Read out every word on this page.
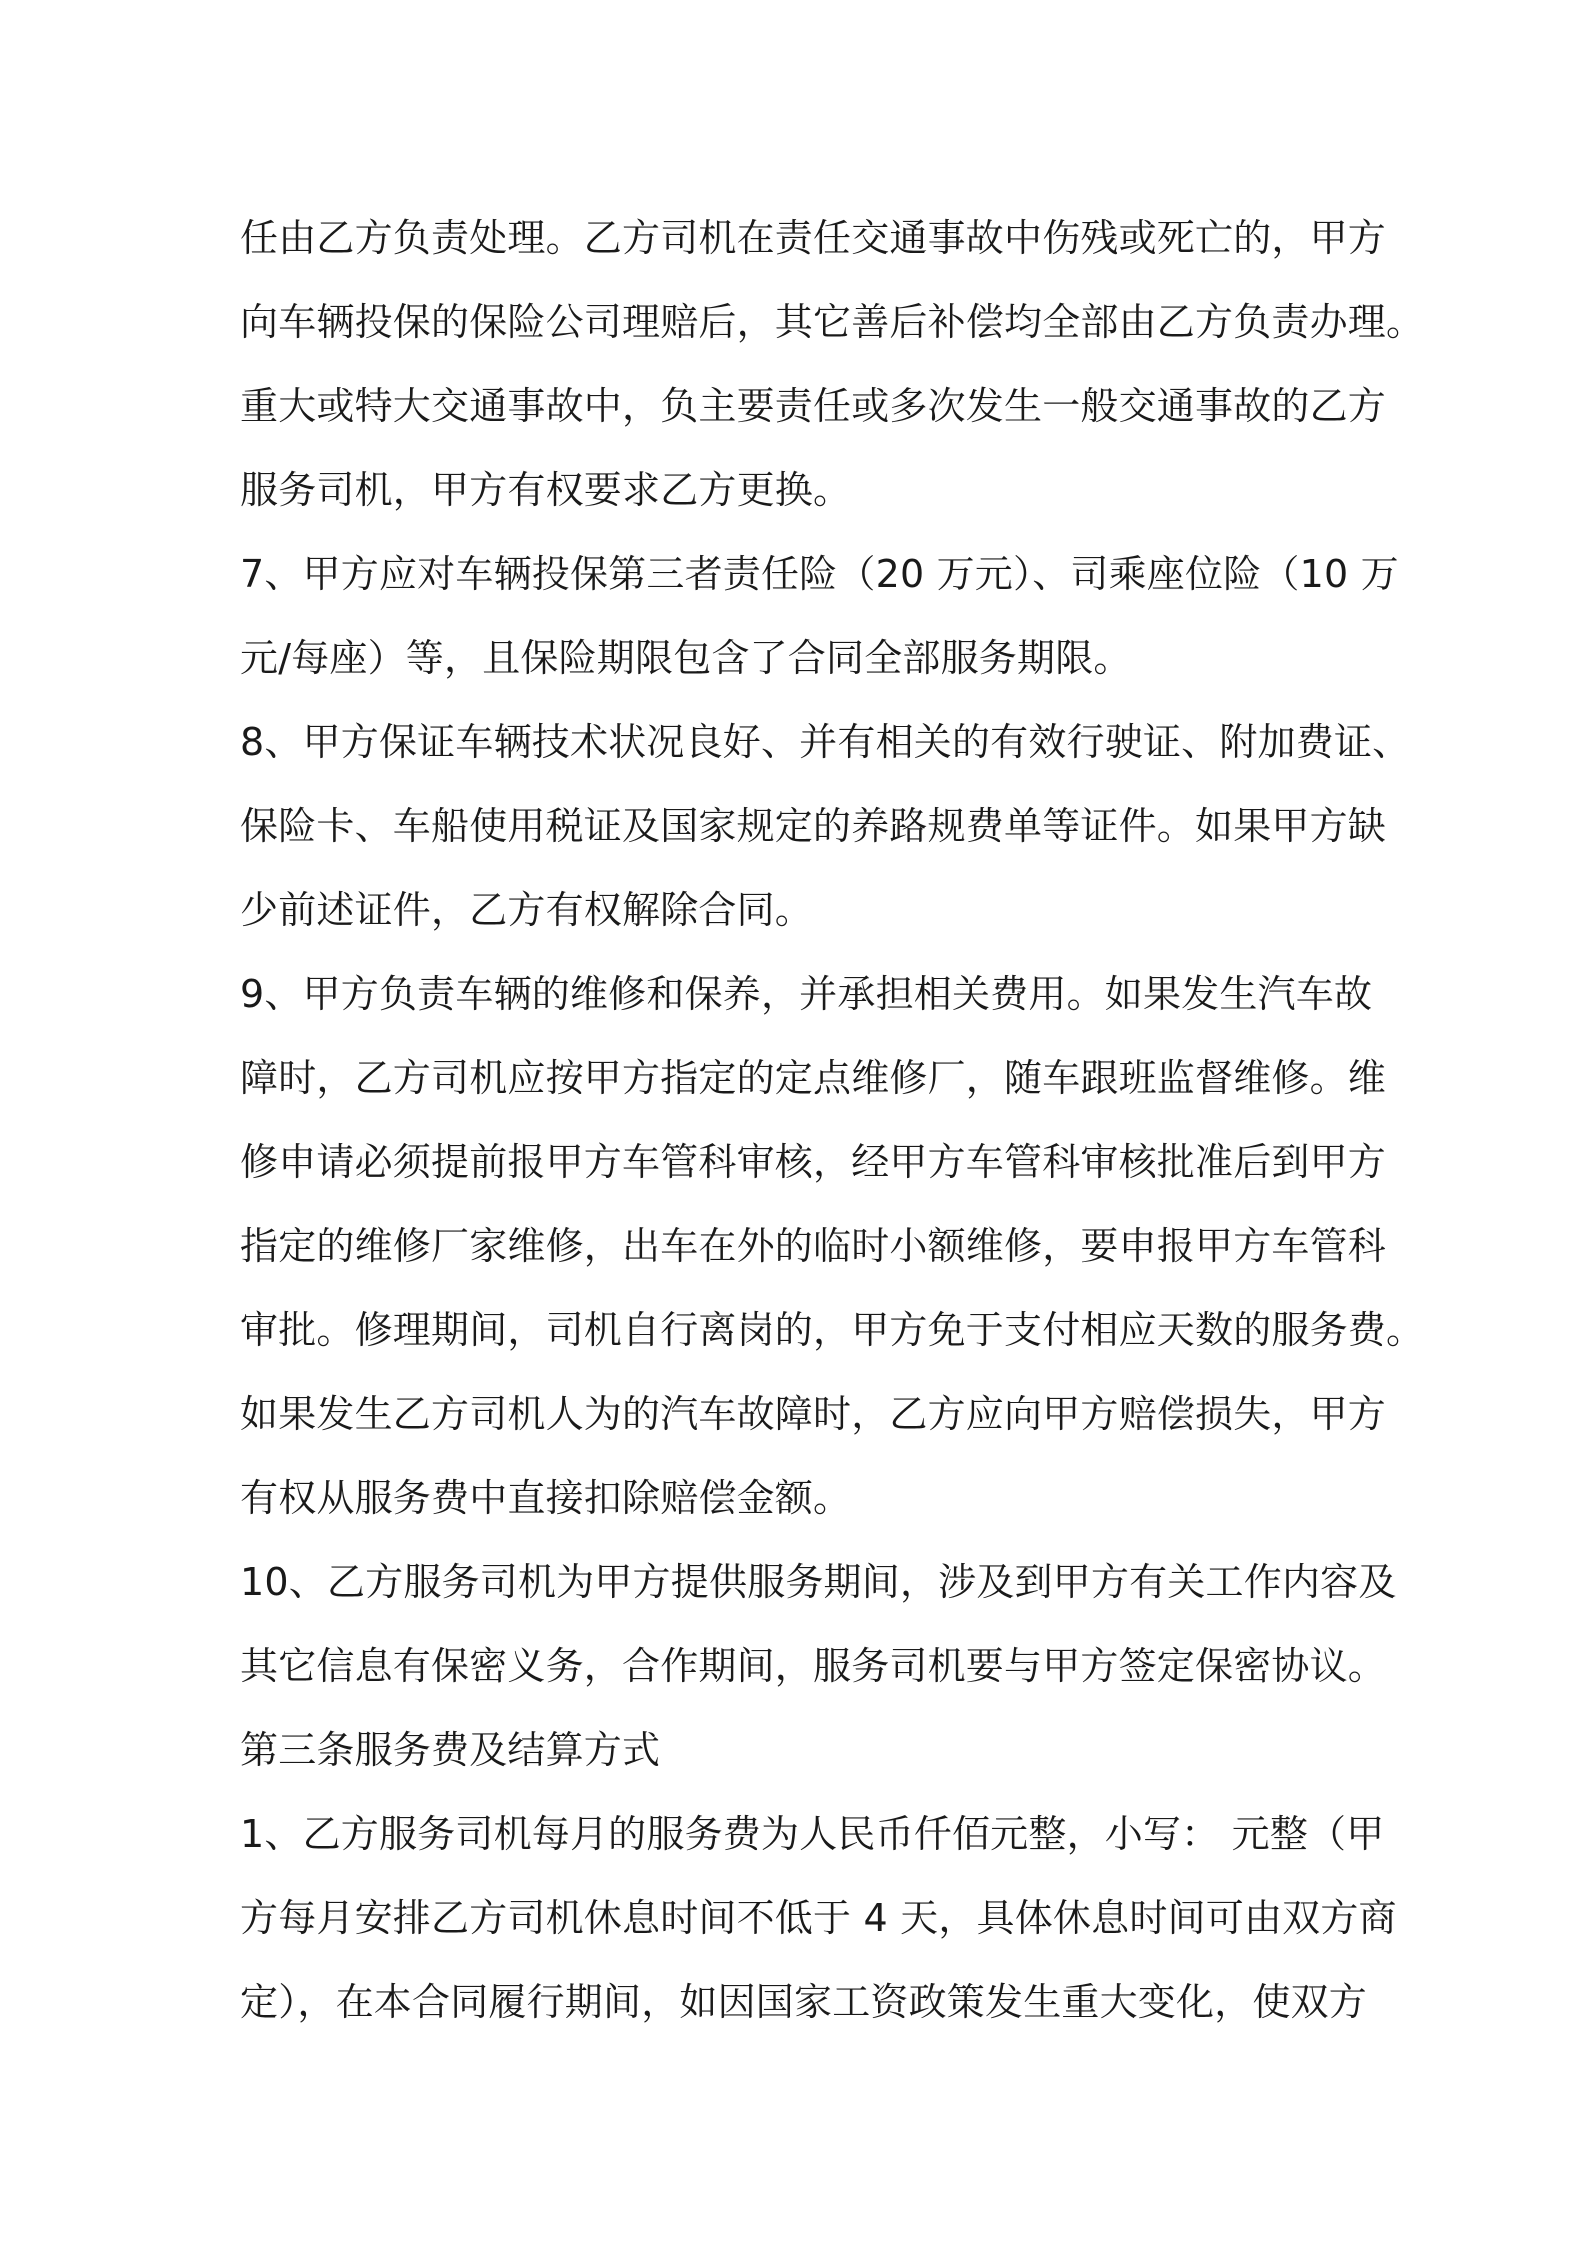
任由乙方负责处理。乙方司机在责任交通事故中伤残或死亡的，甲方
向车辆投保的保险公司理赔后，其它善后补偿均全部由乙方负责办理。
重大或特大交通事故中，负主要责任或多次发生一般交通事故的乙方
服务司机，甲方有权要求乙方更换。
7、甲方应对车辆投保第三者责任险（20 万元）、司乘座位险（10 万
元/每座）等，且保险期限包含了合同全部服务期限。
8、甲方保证车辆技术状况良好、并有相关的有效行驶证、附加费证、
保险卡、车船使用税证及国家规定的养路规费单等证件。如果甲方缺
少前述证件，乙方有权解除合同。
9、甲方负责车辆的维修和保养，并承担相关费用。如果发生汽车故
障时，乙方司机应按甲方指定的定点维修厂，随车跟班监督维修。维
修申请必须提前报甲方车管科审核，经甲方车管科审核批准后到甲方
指定的维修厂家维修，出车在外的临时小额维修，要申报甲方车管科
审批。修理期间，司机自行离岗的，甲方免于支付相应天数的服务费。
如果发生乙方司机人为的汽车故障时，乙方应向甲方赔偿损失，甲方
有权从服务费中直接扣除赔偿金额。
10、乙方服务司机为甲方提供服务期间，涉及到甲方有关工作内容及
其它信息有保密义务，合作期间，服务司机要与甲方签定保密协议。
第三条服务费及结算方式
1、乙方服务司机每月的服务费为人民币仟佰元整，小写： 元整（甲
方每月安排乙方司机休息时间不低于 4 天，具体休息时间可由双方商
定），在本合同履行期间，如因国家工资政策发生重大变化，使双方
